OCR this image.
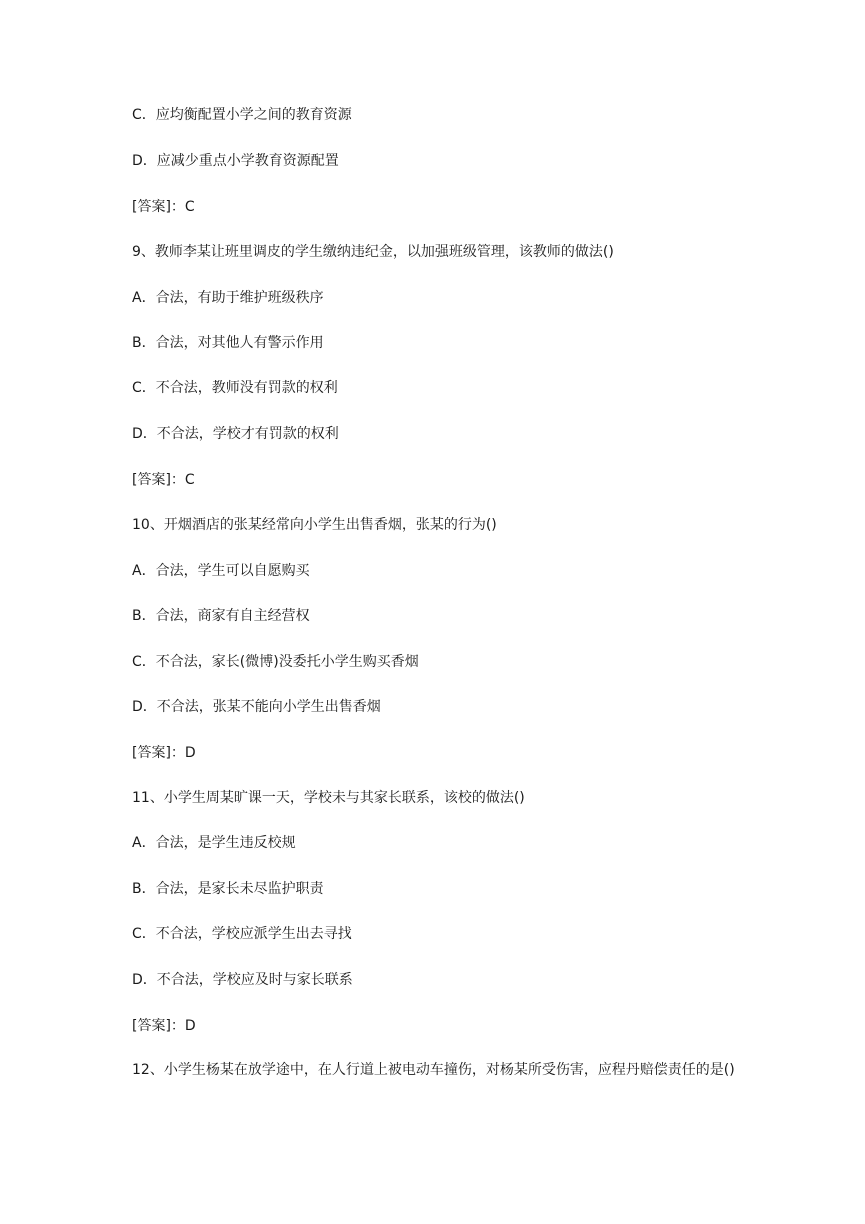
C．应均衡配置小学之间的教育资源
D．应减少重点小学教育资源配置
[答案]：C
9、教师李某让班里调皮的学生缴纳违纪金，以加强班级管理，该教师的做法()
A．合法，有助于维护班级秩序
B．合法，对其他人有警示作用
C．不合法，教师没有罚款的权利
D．不合法，学校才有罚款的权利
[答案]：C
10、开烟酒店的张某经常向小学生出售香烟，张某的行为()
A．合法，学生可以自愿购买
B．合法，商家有自主经营权
C．不合法，家长(微博)没委托小学生购买香烟
D．不合法，张某不能向小学生出售香烟
[答案]：D
11、小学生周某旷课一天，学校未与其家长联系，该校的做法()
A．合法，是学生违反校规
B．合法，是家长未尽监护职责
C．不合法，学校应派学生出去寻找
D．不合法，学校应及时与家长联系
[答案]：D
12、小学生杨某在放学途中，在人行道上被电动车撞伤，对杨某所受伤害，应程丹赔偿责任的是()
